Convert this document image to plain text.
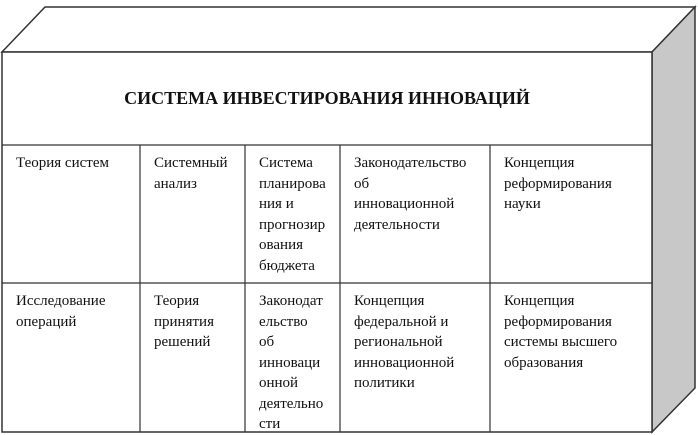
СИСТЕМА ИНВЕСТИРОВАНИЯ ИННОВАЦИЙ
Теория систем	Системный
анализ
Система
планирова
ния и
прогнозир
ования
бюджета
Законодательство
об
инновационной
деятельности
Концепция
реформирования
науки
Исследование
операций
Теория
принятия
решений
Законодат
ельство
об
инноваци
онной
деятельно
сти
Концепция
федеральной и
региональной
инновационной
политики
Концепция
реформирования
системы высшего
образования
